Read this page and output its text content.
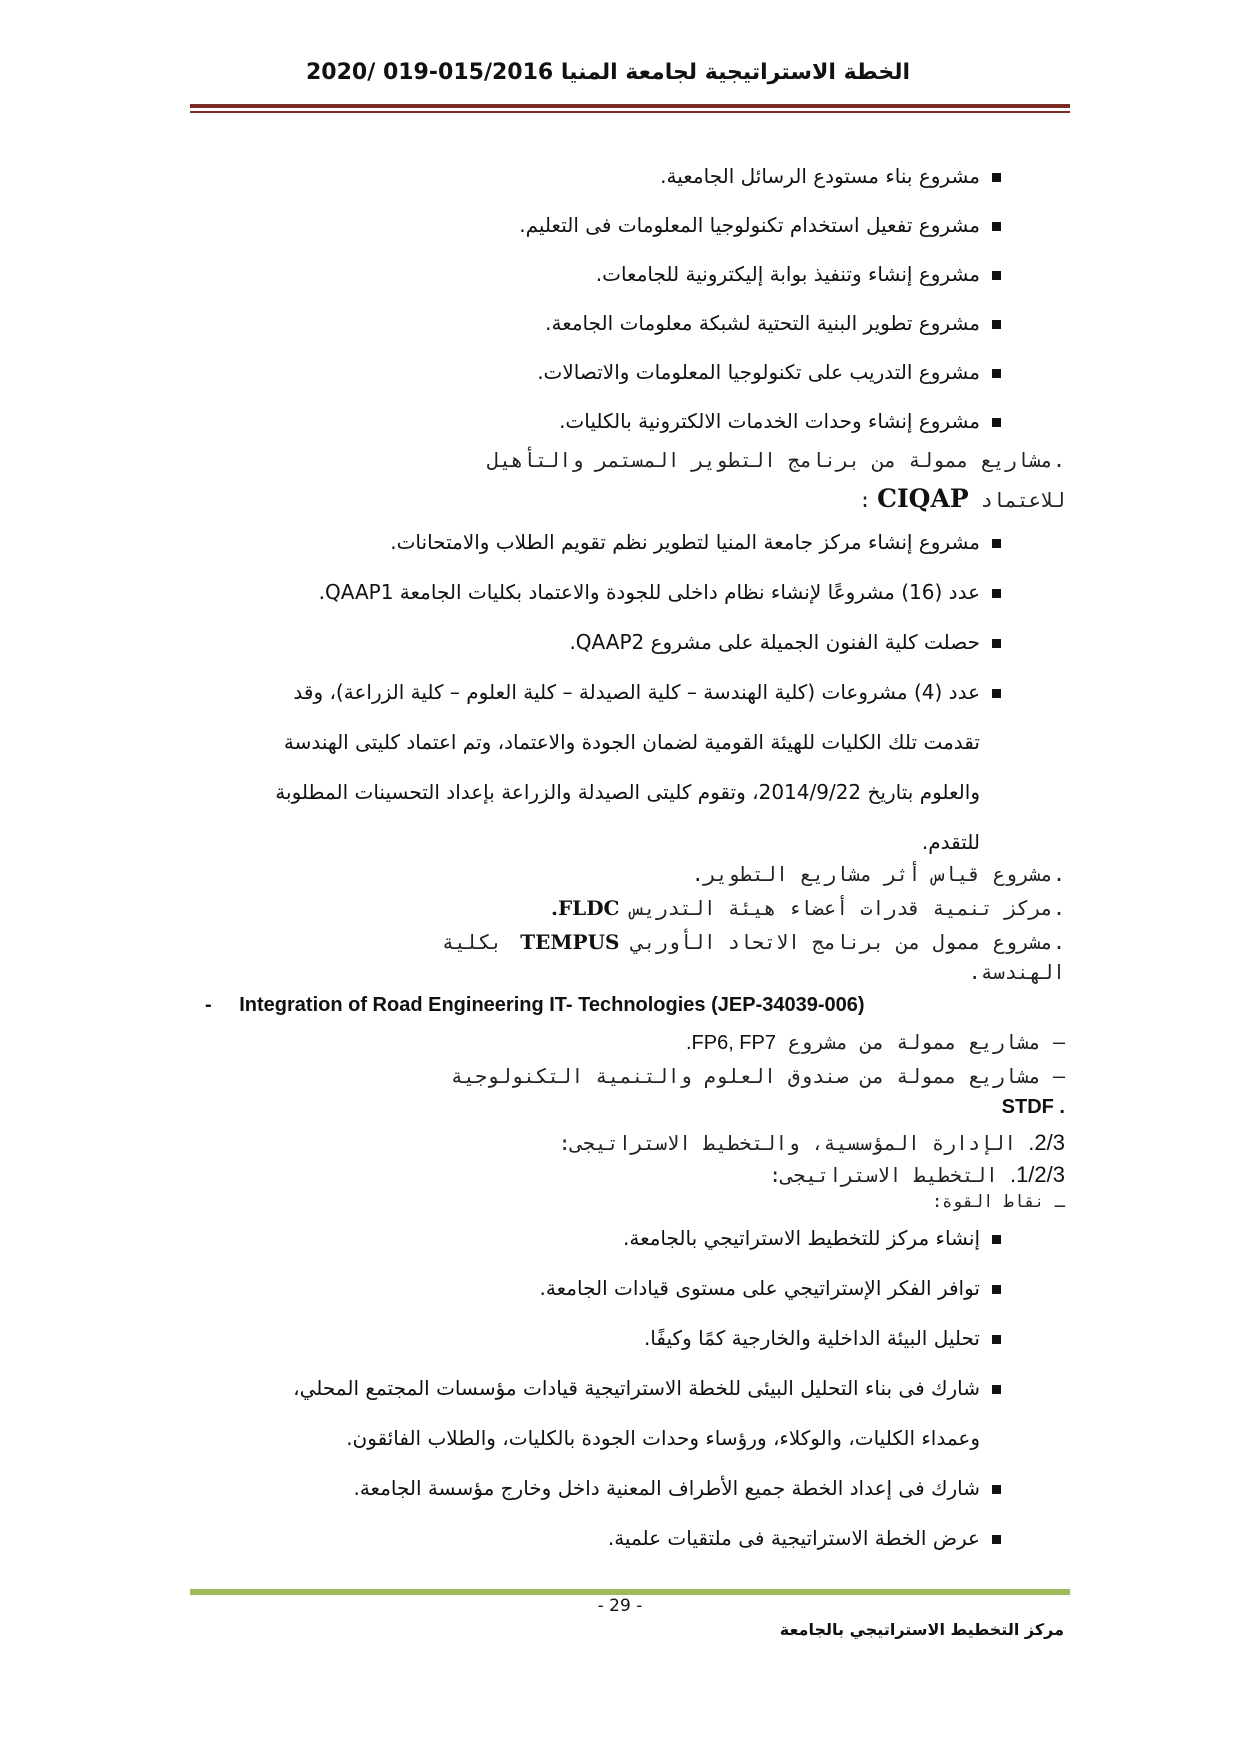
الخطة الاستراتيجية لجامعة المنيا 015/2016-019 /2020
مشروع بناء مستودع الرسائل الجامعية.
مشروع تفعيل استخدام تكنولوجيا المعلومات فى التعليم.
مشروع إنشاء وتنفيذ بوابة إليكترونية للجامعات.
مشروع تطوير البنية التحتية لشبكة معلومات الجامعة.
مشروع التدريب على تكنولوجيا المعلومات والاتصالات.
مشروع إنشاء وحدات الخدمات الالكترونية بالكليات.
.مشاريع ممولة من برنامج التطوير المستمر والتأهيل
للاعتماد CIQAP:
مشروع إنشاء مركز جامعة المنيا لتطوير نظم تقويم الطلاب والامتحانات.
عدد (16) مشروعًا لإنشاء نظام داخلى للجودة والاعتماد بكليات الجامعة QAAP1.
حصلت كلية الفنون الجميلة على مشروع QAAP2.
عدد (4) مشروعات (كلية الهندسة – كلية الصيدلة – كلية العلوم – كلية الزراعة)، وقد
تقدمت تلك الكليات للهيئة القومية لضمان الجودة والاعتماد، وتم اعتماد كليتى الهندسة
والعلوم بتاريخ 2014/9/22، وتقوم كليتى الصيدلة والزراعة بإعداد التحسينات المطلوبة
للتقدم.
.مشروع قياس أثر مشاريع التطوير.
.مركز تنمية قدرات أعضاء هيئة التدريس FLDC.
.مشروع ممول من برنامج الاتحاد الأوربي TEMPUS بكلية
الهندسة.
- Integration of Road Engineering IT- Technologies (JEP-34039-006)
– مشاريع ممولة من مشروع FP6, FP7.
– مشاريع ممولة من صندوق العلوم والتنمية التكنولوجية
. STDF
2/3. الإدارة المؤسسية، والتخطيط الاستراتيجى:
1/2/3. التخطيط الاستراتيجى:
ـ نقاط القوة:
إنشاء مركز للتخطيط الاستراتيجي بالجامعة.
توافر الفكر الإستراتيجي على مستوى قيادات الجامعة.
تحليل البيئة الداخلية والخارجية كمًا وكيفًا.
شارك فى بناء التحليل البيئى للخطة الاستراتيجية قيادات مؤسسات المجتمع المحلي،
وعمداء الكليات، والوكلاء، ورؤساء وحدات الجودة بالكليات، والطلاب الفائقون.
شارك فى إعداد الخطة جميع الأطراف المعنية داخل وخارج مؤسسة الجامعة.
عرض الخطة الاستراتيجية فى ملتقيات علمية.
- 29 -
مركز التخطيط الاستراتيجي بالجامعة
